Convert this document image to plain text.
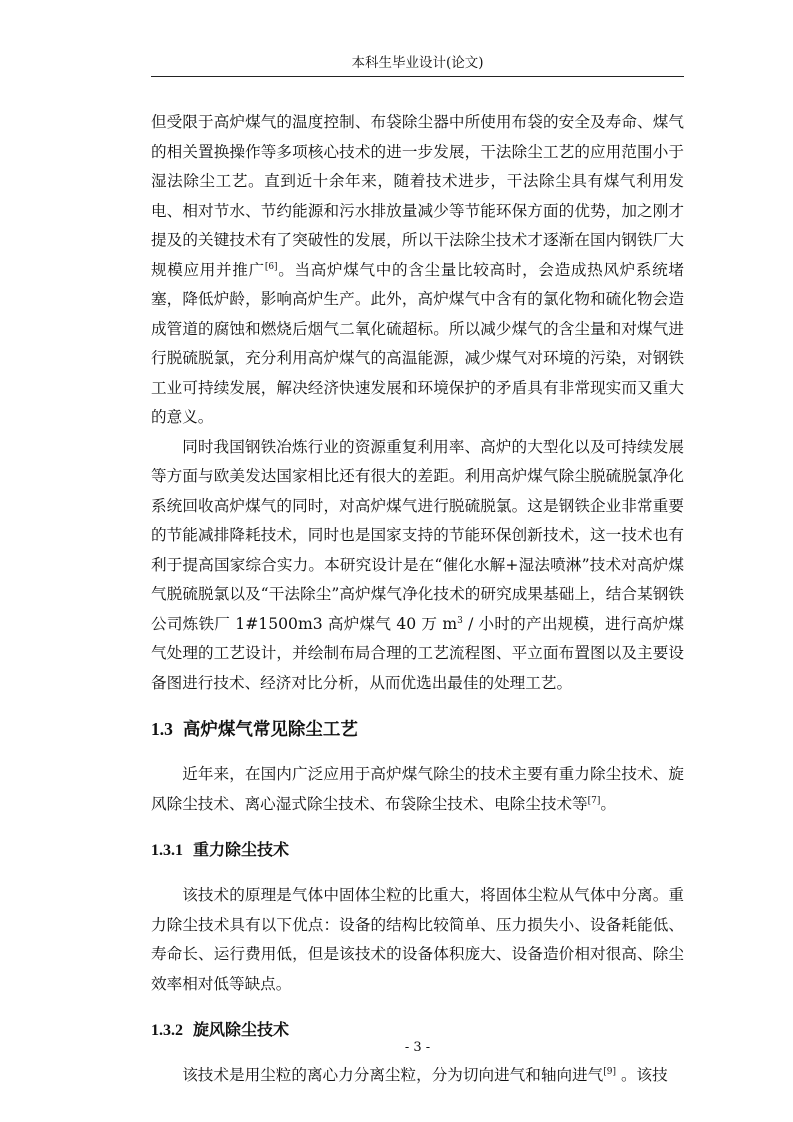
本科生毕业设计(论文)

但受限于高炉煤气的温度控制、布袋除尘器中所使用布袋的安全及寿命、煤气的相关置换操作等多项核心技术的进一步发展，干法除尘工艺的应用范围小于湿法除尘工艺。直到近十余年来，随着技术进步，干法除尘具有煤气利用发电、相对节水、节约能源和污水排放量减少等节能环保方面的优势，加之刚才提及的关键技术有了突破性的发展，所以干法除尘技术才逐渐在国内钢铁厂大规模应用并推广[6]。当高炉煤气中的含尘量比较高时，会造成热风炉系统堵塞，降低炉龄，影响高炉生产。此外，高炉煤气中含有的氯化物和硫化物会造成管道的腐蚀和燃烧后烟气二氧化硫超标。所以减少煤气的含尘量和对煤气进行脱硫脱氯，充分利用高炉煤气的高温能源，减少煤气对环境的污染，对钢铁工业可持续发展，解决经济快速发展和环境保护的矛盾具有非常现实而又重大的意义。

同时我国钢铁冶炼行业的资源重复利用率、高炉的大型化以及可持续发展等方面与欧美发达国家相比还有很大的差距。利用高炉煤气除尘脱硫脱氯净化系统回收高炉煤气的同时，对高炉煤气进行脱硫脱氯。这是钢铁企业非常重要的节能减排降耗技术，同时也是国家支持的节能环保创新技术，这一技术也有利于提高国家综合实力。本研究设计是在“催化水解+湿法喷淋”技术对高炉煤气脱硫脱氯以及“干法除尘”高炉煤气净化技术的研究成果基础上，结合某钢铁公司炼铁厂 1#1500m3 高炉煤气 40 万 $m^3$ / 小时的产出规模，进行高炉煤气处理的工艺设计，并绘制布局合理的工艺流程图、平立面布置图以及主要设备图进行技术、经济对比分析，从而优选出最佳的处理工艺。

1.3 高炉煤气常见除尘工艺

近年来，在国内广泛应用于高炉煤气除尘的技术主要有重力除尘技术、旋风除尘技术、离心湿式除尘技术、布袋除尘技术、电除尘技术等[7]。

1.3.1 重力除尘技术

该技术的原理是气体中固体尘粒的比重大，将固体尘粒从气体中分离。重力除尘技术具有以下优点：设备的结构比较简单、压力损失小、设备耗能低、寿命长、运行费用低，但是该技术的设备体积庞大、设备造价相对很高、除尘效率相对低等缺点。

1.3.2 旋风除尘技术

该技术是用尘粒的离心力分离尘粒，分为切向进气和轴向进气[9] 。该技

- 3 -
